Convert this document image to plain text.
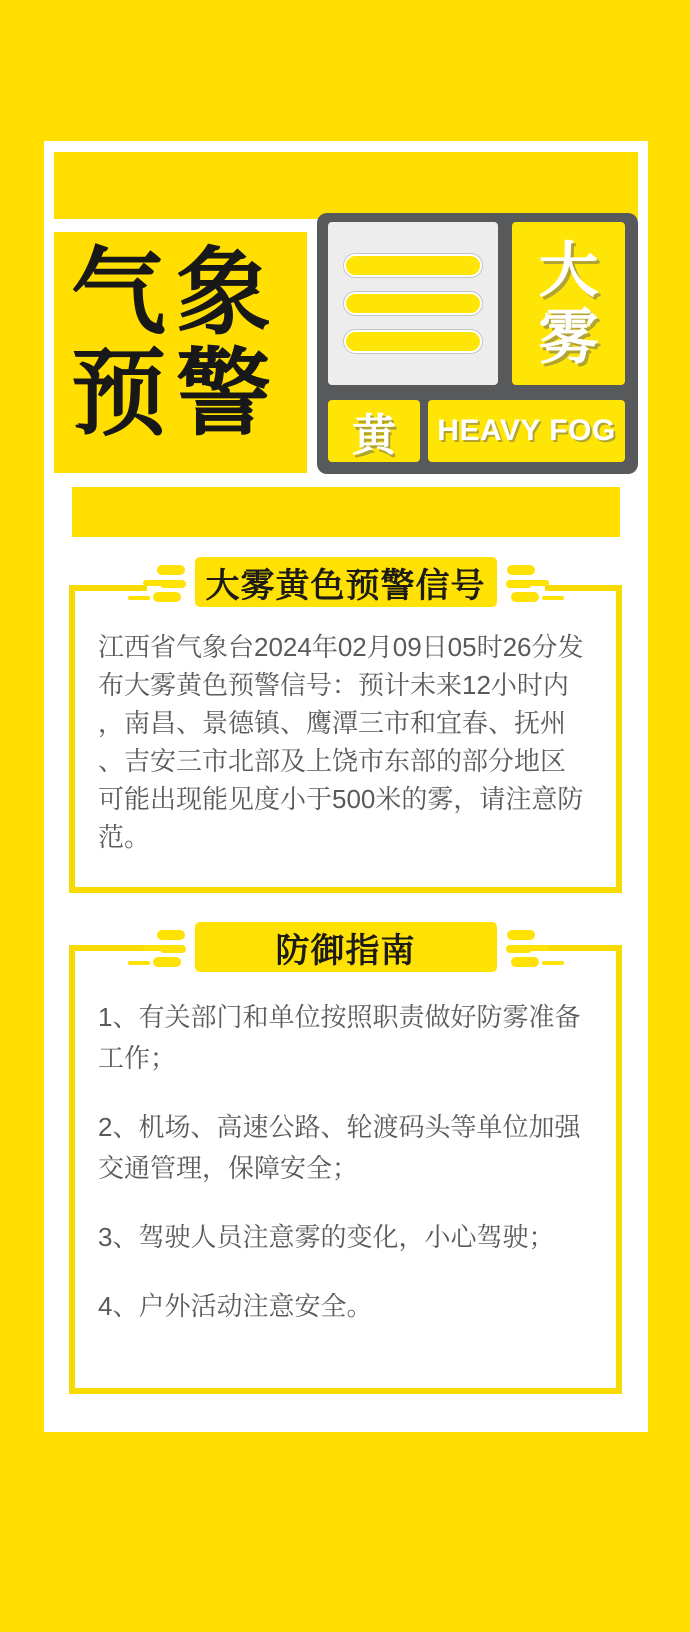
气象
预警
大
雾
黄	HEAVY FOG
大雾黄色预警信号
江西省气象台2024年02月09日05时26分发
布大雾黄色预警信号：预计未来12小时内
，南昌、景德镇、鹰潭三市和宜春、抚州
、吉安三市北部及上饶市东部的部分地区
可能出现能见度小于500米的雾，请注意防
范。
防御指南
1、有关部门和单位按照职责做好防雾准备
工作；
2、机场、高速公路、轮渡码头等单位加强
交通管理，保障安全；
3、驾驶人员注意雾的变化，小心驾驶；
4、户外活动注意安全。
